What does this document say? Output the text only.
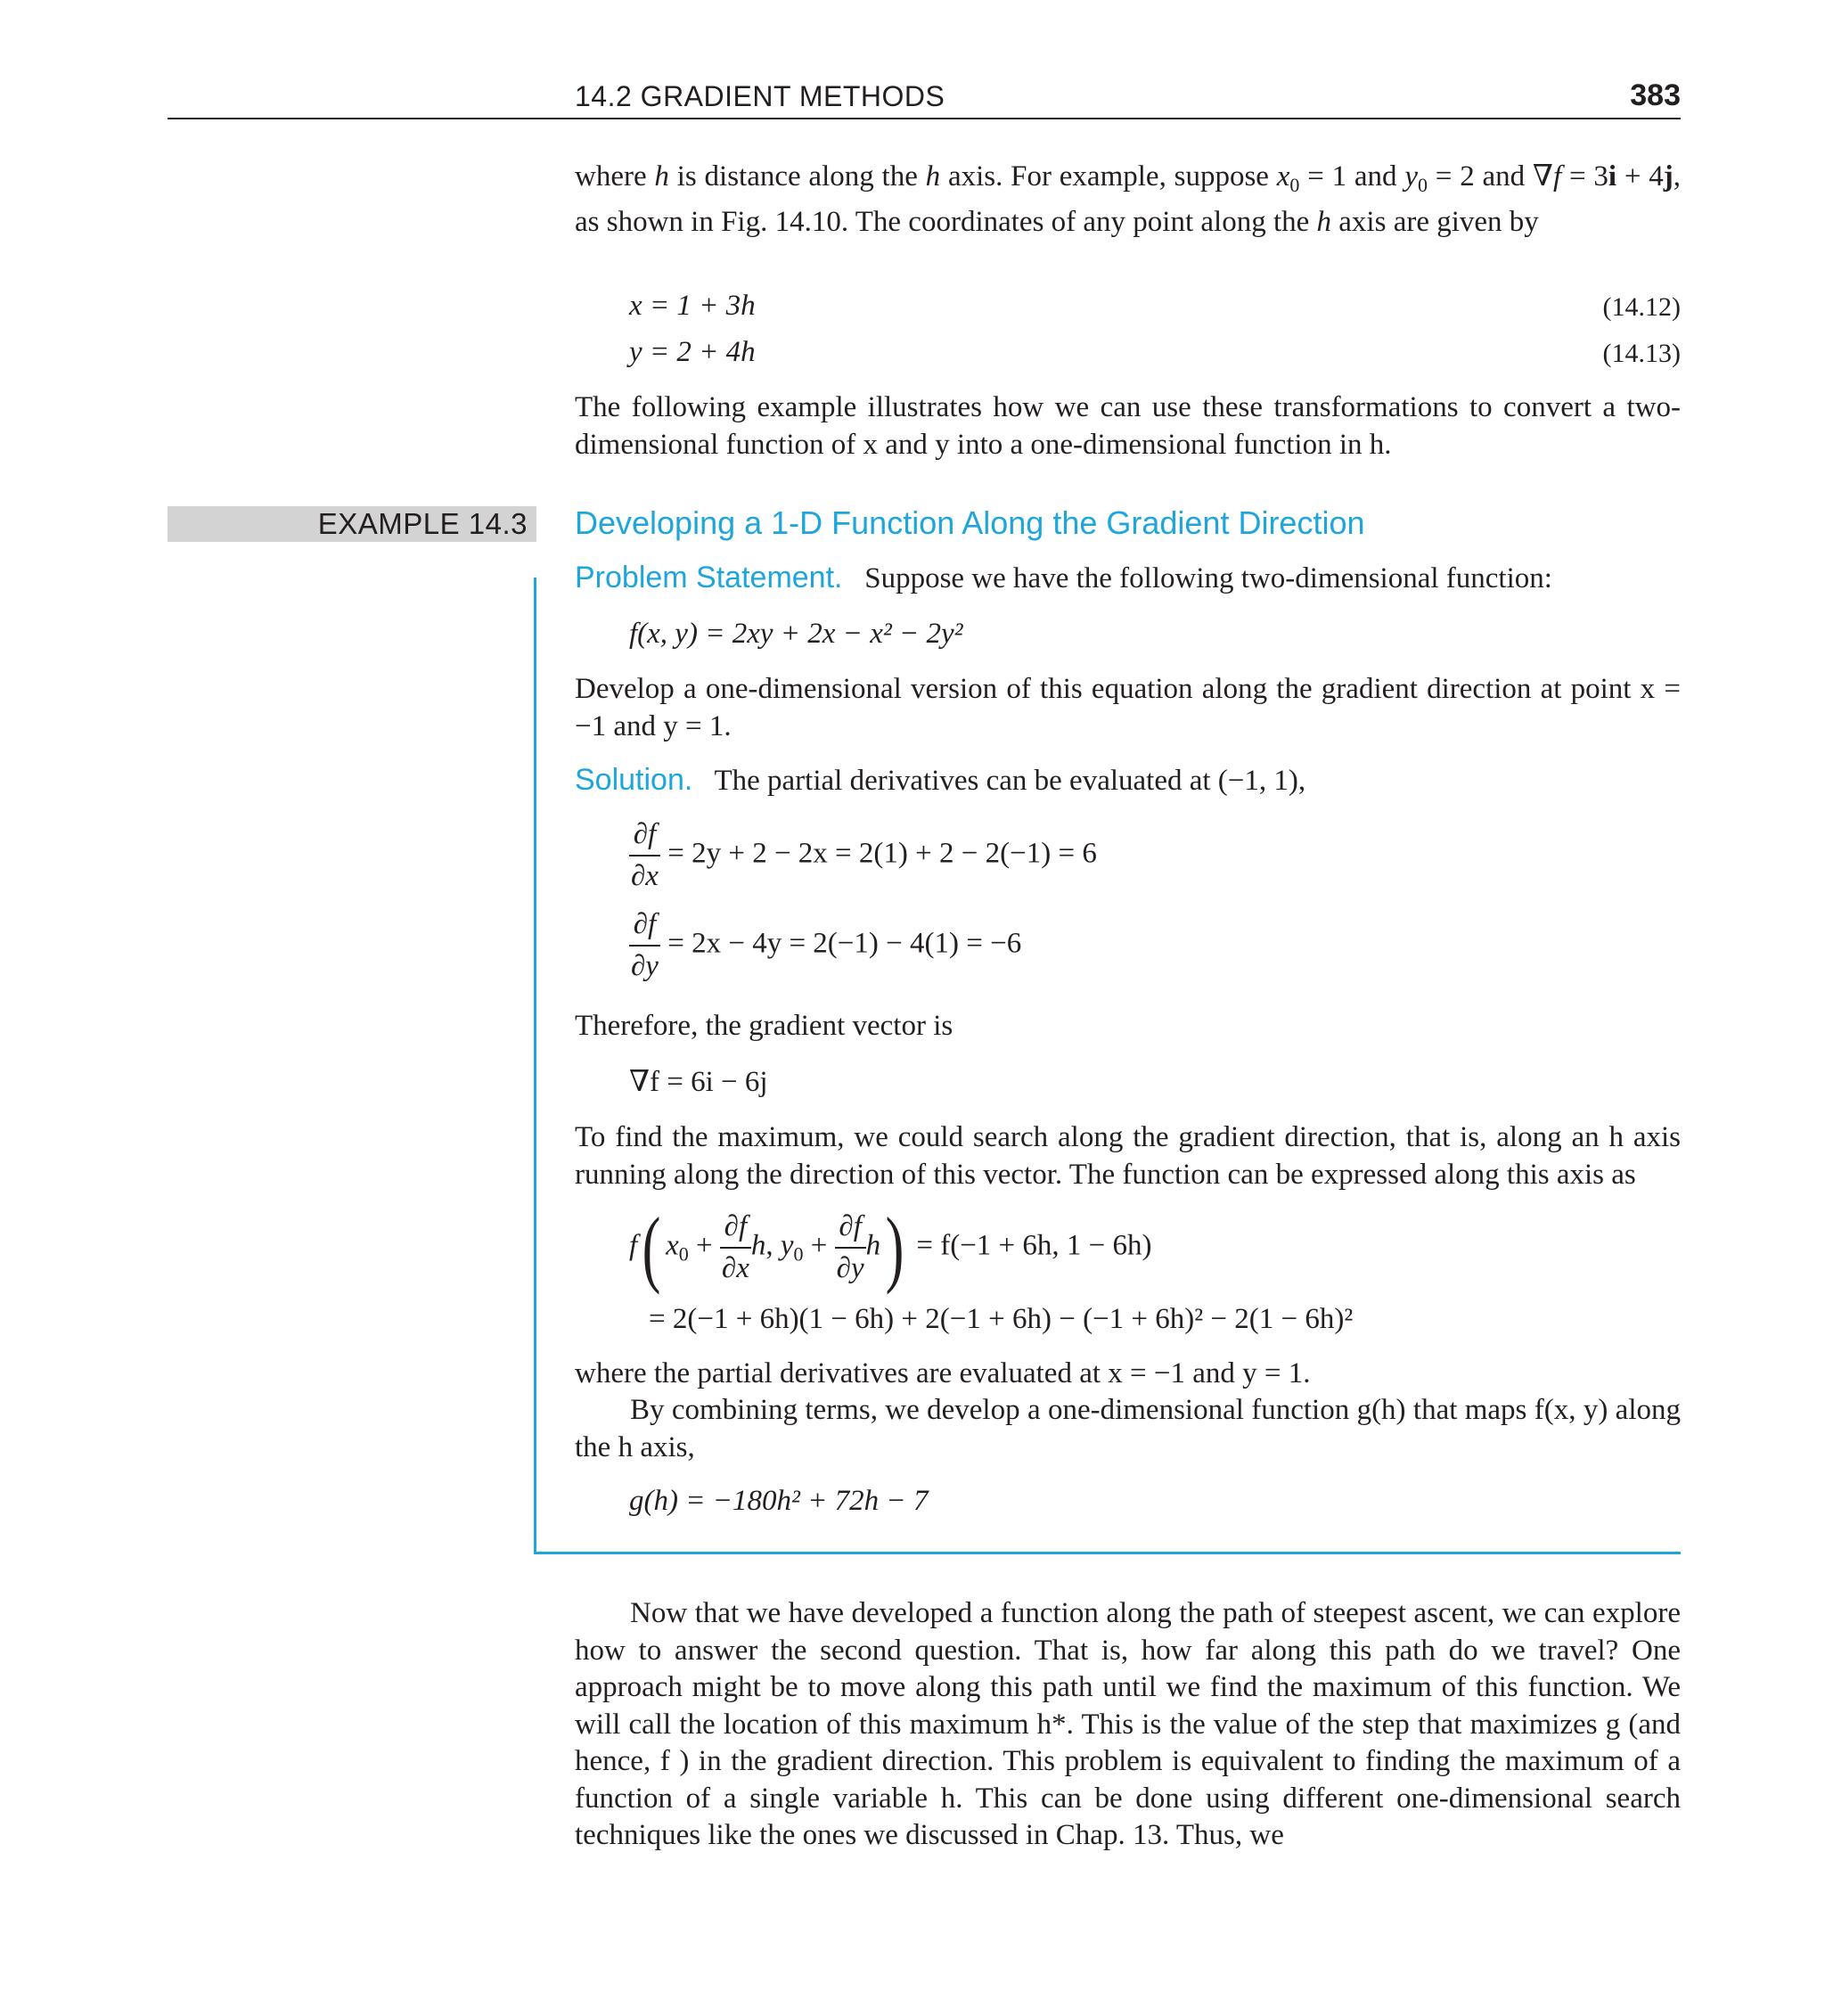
14.2 GRADIENT METHODS	383
where h is distance along the h axis. For example, suppose $x_0 = 1$ and $y_0 = 2$ and ∇f = 3i + 4j, as shown in Fig. 14.10. The coordinates of any point along the h axis are given by
x = 1 + 3h	(14.12)
y = 2 + 4h	(14.13)
The following example illustrates how we can use these transformations to convert a two-dimensional function of x and y into a one-dimensional function in h.
EXAMPLE 14.3 Developing a 1-D Function Along the Gradient Direction
Problem Statement. Suppose we have the following two-dimensional function:
f(x, y) = 2xy + 2x − x² − 2y²
Develop a one-dimensional version of this equation along the gradient direction at point x = −1 and y = 1.
Solution. The partial derivatives can be evaluated at (−1, 1),
$\frac{\partial f}{\partial x} = 2y + 2 - 2x = 2(1) + 2 - 2(-1) = 6$
$\frac{\partial f}{\partial y} = 2x - 4y = 2(-1) - 4(1) = -6$
Therefore, the gradient vector is
∇f = 6i − 6j
To find the maximum, we could search along the gradient direction, that is, along an h axis running along the direction of this vector. The function can be expressed along this axis as
f( $x_0 + \frac{\partial f}{\partial x} h$, $y_0 + \frac{\partial f}{\partial y} h) = f(-1 + 6h$, 1 − 6h)
= 2(−1 + 6h)(1 − 6h) + 2(−1 + 6h) − (−1 + 6h)² − 2(1 − 6h)²
where the partial derivatives are evaluated at x = −1 and y = 1.
By combining terms, we develop a one-dimensional function g(h) that maps f(x, y) along the h axis,
g(h) = −180h² + 72h − 7
Now that we have developed a function along the path of steepest ascent, we can explore how to answer the second question. That is, how far along this path do we travel? One approach might be to move along this path until we find the maximum of this function. We will call the location of this maximum h*. This is the value of the step that maximizes g (and hence, f ) in the gradient direction. This problem is equivalent to finding the maximum of a function of a single variable h. This can be done using different one-dimensional search techniques like the ones we discussed in Chap. 13. Thus, we
